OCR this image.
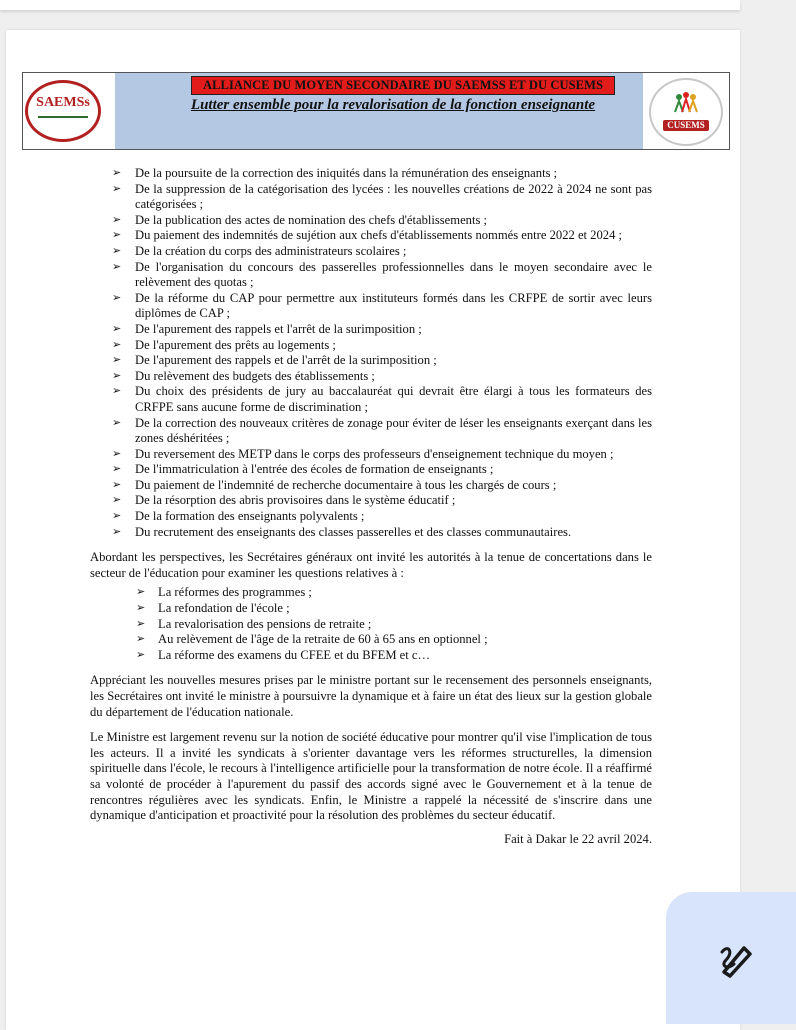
SAEMSs
ALLIANCE DU MOYEN SECONDAIRE DU SAEMSS ET DU CUSEMS
Lutter ensemble pour la revalorisation de la fonction enseignante
CUSEMS
➢ De la poursuite de la correction des iniquités dans la rémunération des enseignants ;
➢ De la suppression de la catégorisation des lycées : les nouvelles créations de 2022 à 2024 ne sont pas catégorisées ;
➢ De la publication des actes de nomination des chefs d'établissements ;
➢ Du paiement des indemnités de sujétion aux chefs d'établissements nommés entre 2022 et 2024 ;
➢ De la création du corps des administrateurs scolaires ;
➢ De l'organisation du concours des passerelles professionnelles dans le moyen secondaire avec le relèvement des quotas ;
➢ De la réforme du CAP pour permettre aux instituteurs formés dans les CRFPE de sortir avec leurs diplômes de CAP ;
➢ De l'apurement des rappels et l'arrêt de la surimposition ;
➢ De l'apurement des prêts au logements ;
➢ De l'apurement des rappels et de l'arrêt de la surimposition ;
➢ Du relèvement des budgets des établissements ;
➢ Du choix des présidents de jury au baccalauréat qui devrait être élargi à tous les formateurs des CRFPE sans aucune forme de discrimination ;
➢ De la correction des nouveaux critères de zonage pour éviter de léser les enseignants exerçant dans les zones déshéritées ;
➢ Du reversement des METP dans le corps des professeurs d'enseignement technique du moyen ;
➢ De l'immatriculation à l'entrée des écoles de formation de enseignants ;
➢ Du paiement de l'indemnité de recherche documentaire à tous les chargés de cours ;
➢ De la résorption des abris provisoires dans le système éducatif ;
➢ De la formation des enseignants polyvalents ;
➢ Du recrutement des enseignants des classes passerelles et des classes communautaires.

Abordant les perspectives, les Secrétaires généraux ont invité les autorités à la tenue de concertations dans le secteur de l'éducation pour examiner les questions relatives à :

➢ La réformes des programmes ;
➢ La refondation de l'école ;
➢ La revalorisation des pensions de retraite ;
➢ Au relèvement de l'âge de la retraite de 60 à 65 ans en optionnel ;
➢ La réforme des examens du CFEE et du BFEM et c…

Appréciant les nouvelles mesures prises par le ministre portant sur le recensement des personnels enseignants, les Secrétaires ont invité le ministre à poursuivre la dynamique et à faire un état des lieux sur la gestion globale du département de l'éducation nationale.

Le Ministre est largement revenu sur la notion de société éducative pour montrer qu'il vise l'implication de tous les acteurs. Il a invité les syndicats à s'orienter davantage vers les réformes structurelles, la dimension spirituelle dans l'école, le recours à l'intelligence artificielle pour la transformation de notre école. Il a réaffirmé sa volonté de procéder à l'apurement du passif des accords signé avec le Gouvernement et à la tenue de rencontres régulières avec les syndicats. Enfin, le Ministre a rappelé la nécessité de s'inscrire dans une dynamique d'anticipation et proactivité pour la résolution des problèmes du secteur éducatif.

Fait à Dakar le 22 avril 2024.
